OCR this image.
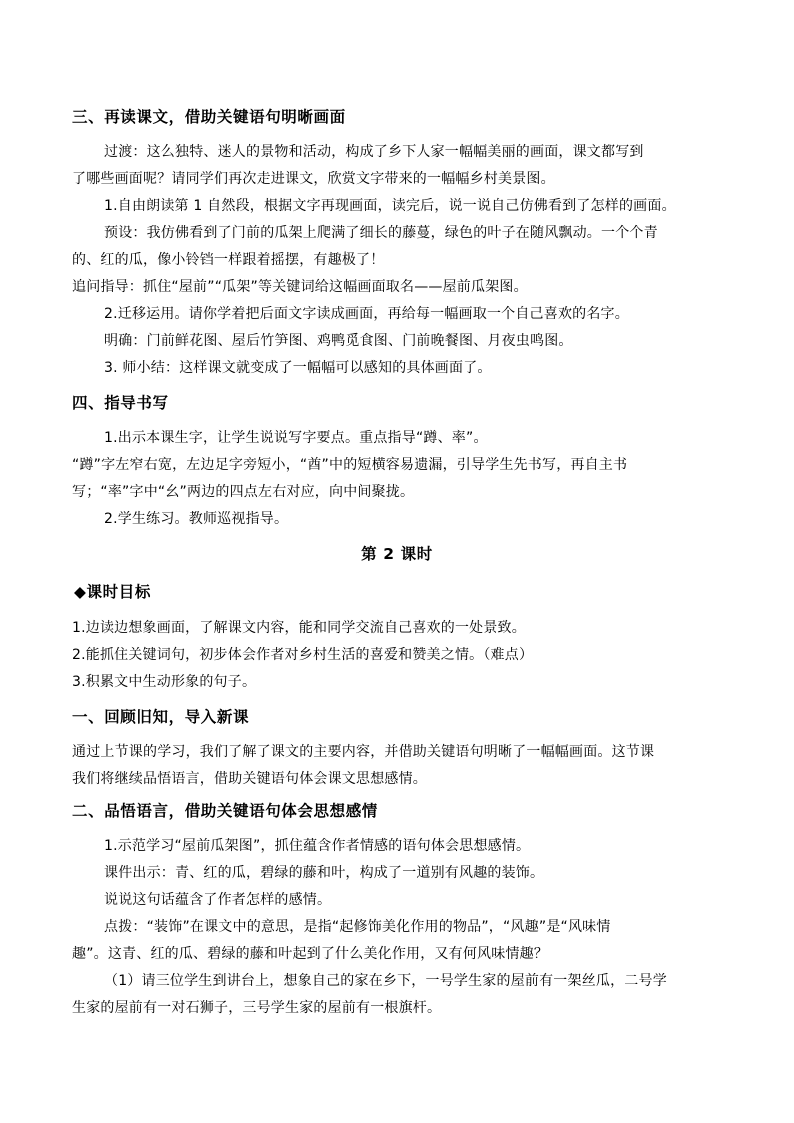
三、再读课文，借助关键语句明晰画面
过渡：这么独特、迷人的景物和活动，构成了乡下人家一幅幅美丽的画面，课文都写到
了哪些画面呢？请同学们再次走进课文，欣赏文字带来的一幅幅乡村美景图。
1.自由朗读第 1 自然段，根据文字再现画面，读完后，说一说自己仿佛看到了怎样的画面。
预设：我仿佛看到了门前的瓜架上爬满了细长的藤蔓，绿色的叶子在随风飘动。一个个青
的、红的瓜，像小铃铛一样跟着摇摆，有趣极了！
追问指导：抓住“屋前”“瓜架”等关键词给这幅画面取名——屋前瓜架图。
2.迁移运用。请你学着把后面文字读成画面，再给每一幅画取一个自己喜欢的名字。
明确：门前鲜花图、屋后竹笋图、鸡鸭觅食图、门前晚餐图、月夜虫鸣图。
3. 师小结：这样课文就变成了一幅幅可以感知的具体画面了。
四、指导书写
1.出示本课生字，让学生说说写字要点。重点指导“蹲、率”。
“蹲”字左窄右宽，左边足字旁短小，“酋”中的短横容易遗漏，引导学生先书写，再自主书
写；“率”字中“幺”两边的四点左右对应，向中间聚拢。
2.学生练习。教师巡视指导。
第 2 课时
◆课时目标
1.边读边想象画面，了解课文内容，能和同学交流自己喜欢的一处景致。
2.能抓住关键词句，初步体会作者对乡村生活的喜爱和赞美之情。（难点）
3.积累文中生动形象的句子。
一、回顾旧知，导入新课
通过上节课的学习，我们了解了课文的主要内容，并借助关键语句明晰了一幅幅画面。这节课
我们将继续品悟语言，借助关键语句体会课文思想感情。
二、品悟语言，借助关键语句体会思想感情
1.示范学习“屋前瓜架图”，抓住蕴含作者情感的语句体会思想感情。
课件出示：青、红的瓜，碧绿的藤和叶，构成了一道别有风趣的装饰。
说说这句话蕴含了作者怎样的感情。
点拨：“装饰”在课文中的意思，是指“起修饰美化作用的物品”，“风趣”是“风味情
趣”。这青、红的瓜、碧绿的藤和叶起到了什么美化作用，又有何风味情趣？
（1）请三位学生到讲台上，想象自己的家在乡下，一号学生家的屋前有一架丝瓜，二号学
生家的屋前有一对石狮子，三号学生家的屋前有一根旗杆。
